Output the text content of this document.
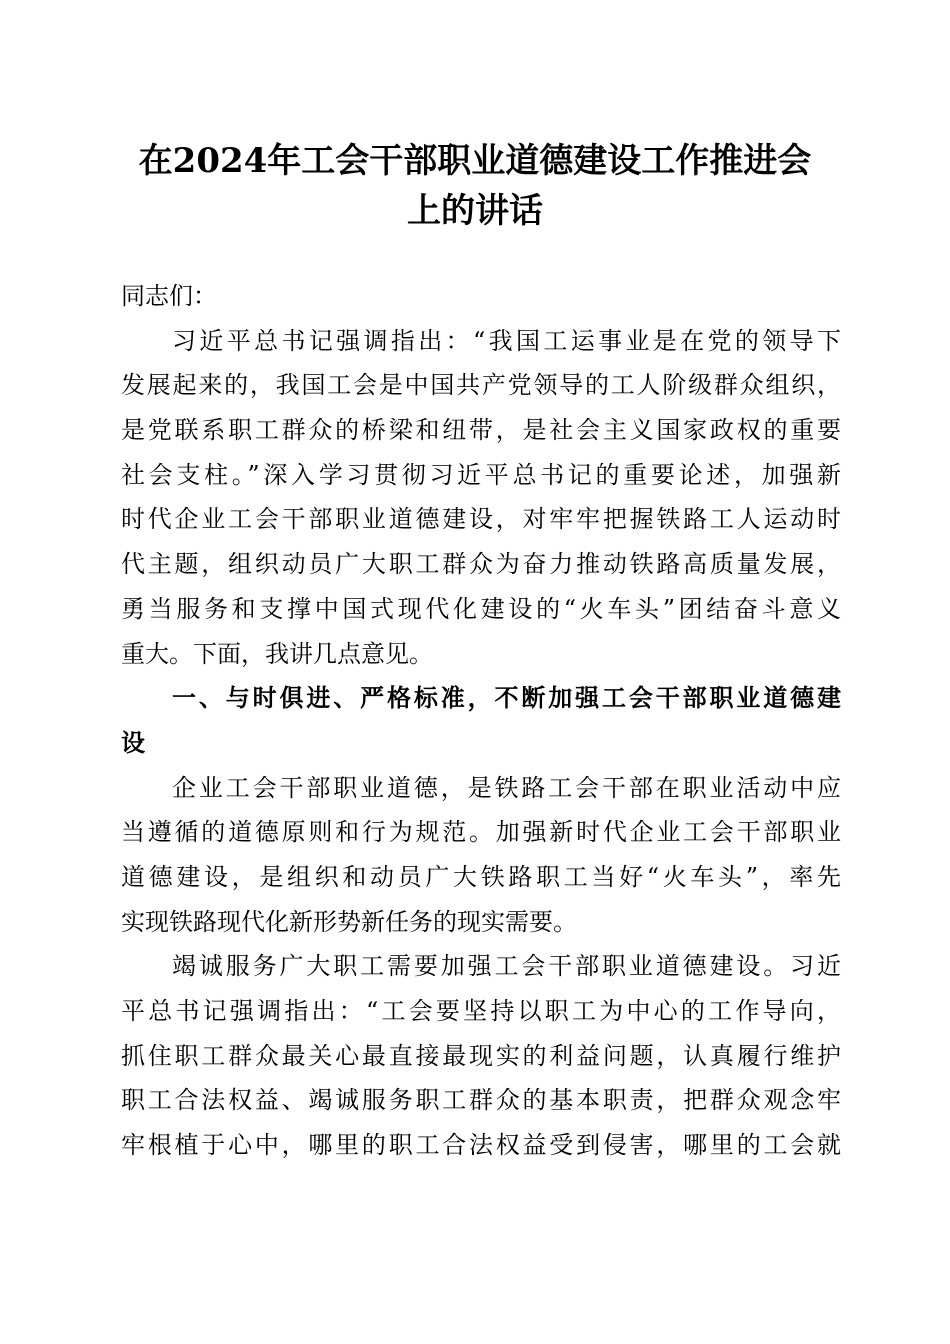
在2024年工会干部职业道德建设工作推进会
上的讲话
同志们：
习近平总书记强调指出：“我国工运事业是在党的领导下
发展起来的，我国工会是中国共产党领导的工人阶级群众组织，
是党联系职工群众的桥梁和纽带，是社会主义国家政权的重要
社会支柱。”深入学习贯彻习近平总书记的重要论述，加强新
时代企业工会干部职业道德建设，对牢牢把握铁路工人运动时
代主题，组织动员广大职工群众为奋力推动铁路高质量发展，
勇当服务和支撑中国式现代化建设的“火车头”团结奋斗意义
重大。下面，我讲几点意见。
一、与时俱进、严格标准，不断加强工会干部职业道德建
设
企业工会干部职业道德，是铁路工会干部在职业活动中应
当遵循的道德原则和行为规范。加强新时代企业工会干部职业
道德建设，是组织和动员广大铁路职工当好“火车头”，率先
实现铁路现代化新形势新任务的现实需要。
竭诚服务广大职工需要加强工会干部职业道德建设。习近
平总书记强调指出：“工会要坚持以职工为中心的工作导向，
抓住职工群众最关心最直接最现实的利益问题，认真履行维护
职工合法权益、竭诚服务职工群众的基本职责，把群众观念牢
牢根植于心中，哪里的职工合法权益受到侵害，哪里的工会就
